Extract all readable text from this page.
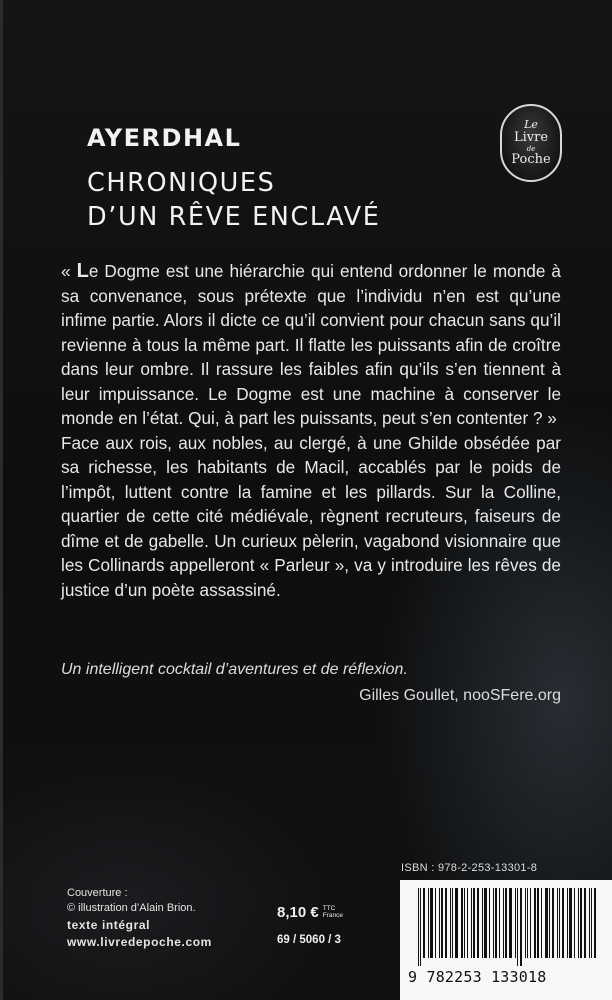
AYERDHAL
CHRONIQUES
D’UN RÊVE ENCLAVÉ
Le
Livre
de
Poche

« Le Dogme est une hiérarchie qui entend ordonner le monde à sa convenance, sous prétexte que l’individu n’en est qu’une infime partie. Alors il dicte ce qu’il convient pour chacun sans qu’il revienne à tous la même part. Il flatte les puissants afin de croître dans leur ombre. Il rassure les faibles afin qu’ils s’en tiennent à leur impuissance. Le Dogme est une machine à conserver le monde en l’état. Qui, à part les puissants, peut s’en contenter ? »

Face aux rois, aux nobles, au clergé, à une Ghilde obsédée par sa richesse, les habitants de Macil, accablés par le poids de l’impôt, luttent contre la famine et les pillards. Sur la Colline, quartier de cette cité médiévale, règnent recruteurs, faiseurs de dîme et de gabelle. Un curieux pèlerin, vagabond visionnaire que les Collinards appelleront « Parleur », va y introduire les rêves de justice d’un poète assassiné.

Un intelligent cocktail d’aventures et de réflexion.
Gilles Goullet, nooSFere.org
Couverture :
© illustration d’Alain Brion.
texte intégral
www.livredepoche.com
8,10 € TTC
France
69 / 5060 / 3
ISBN : 978-2-253-13301-8
9 782253 133018
